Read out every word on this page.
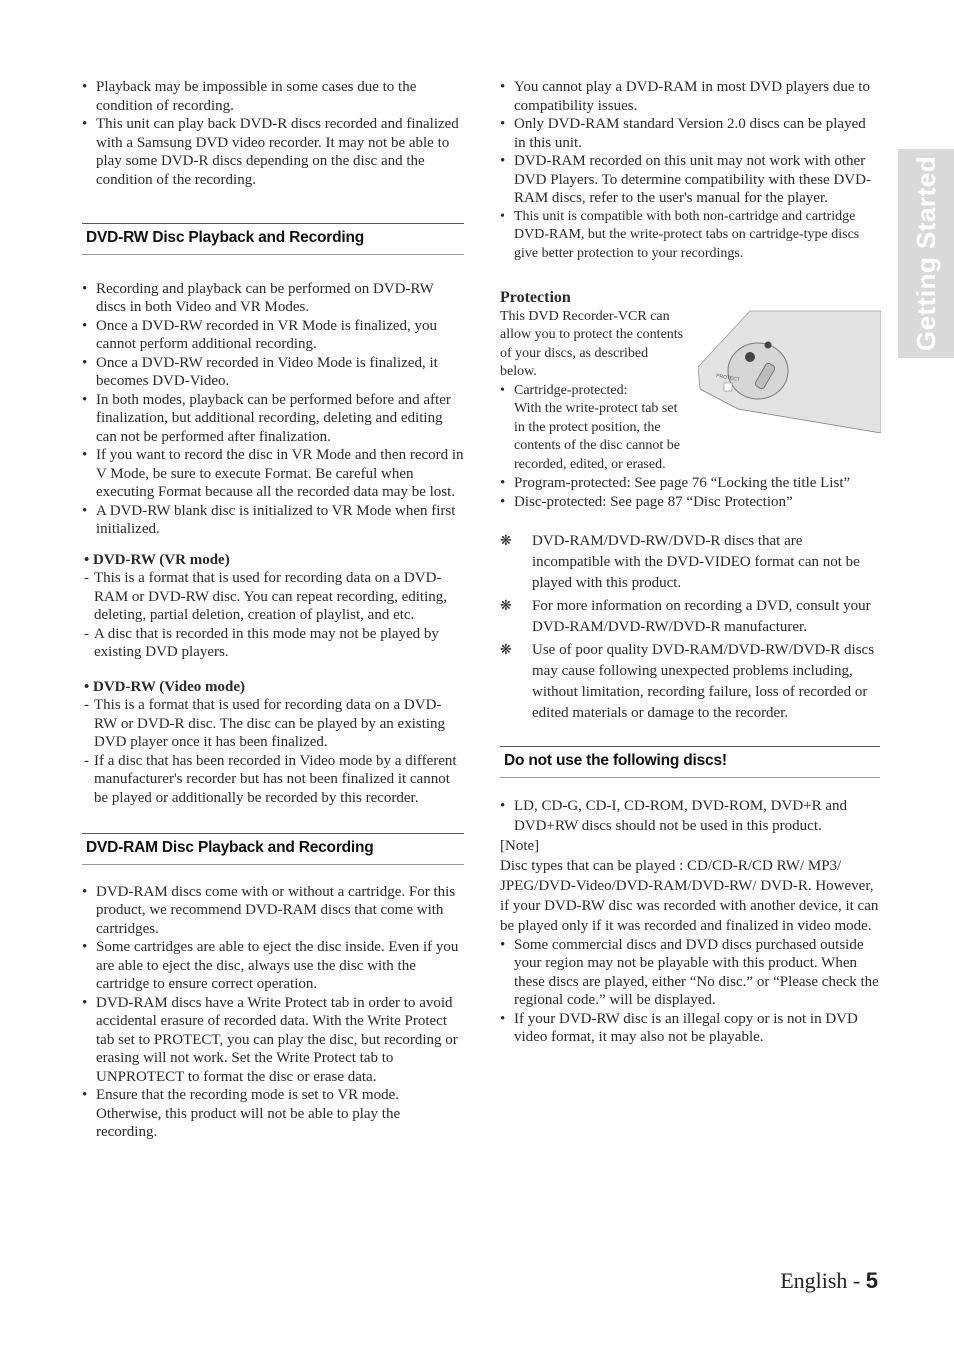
Getting Started
• Playback may be impossible in some cases due to the condition of recording.
• This unit can play back DVD-R discs recorded and finalized with a Samsung DVD video recorder. It may not be able to play some DVD-R discs depending on the disc and the condition of the recording.
DVD-RW Disc Playback and Recording
• Recording and playback can be performed on DVD-RW discs in both Video and VR Modes.
• Once a DVD-RW recorded in VR Mode is finalized, you cannot perform additional recording.
• Once a DVD-RW recorded in Video Mode is finalized, it becomes DVD-Video.
• In both modes, playback can be performed before and after finalization, but additional recording, deleting and editing can not be performed after finalization.
• If you want to record the disc in VR Mode and then record in V Mode, be sure to execute Format. Be careful when executing Format because all the recorded data may be lost.
• A DVD-RW blank disc is initialized to VR Mode when first initialized.
• DVD-RW (VR mode)
- This is a format that is used for recording data on a DVD-RAM or DVD-RW disc. You can repeat recording, editing, deleting, partial deletion, creation of playlist, and etc.
- A disc that is recorded in this mode may not be played by existing DVD players.
• DVD-RW (Video mode)
- This is a format that is used for recording data on a DVD-RW or DVD-R disc. The disc can be played by an existing DVD player once it has been finalized.
- If a disc that has been recorded in Video mode by a different manufacturer's recorder but has not been finalized it cannot be played or additionally be recorded by this recorder.
DVD-RAM Disc Playback and Recording
• DVD-RAM discs come with or without a cartridge. For this product, we recommend DVD-RAM discs that come with cartridges.
• Some cartridges are able to eject the disc inside. Even if you are able to eject the disc, always use the disc with the cartridge to ensure correct operation.
• DVD-RAM discs have a Write Protect tab in order to avoid accidental erasure of recorded data. With the Write Protect tab set to PROTECT, you can play the disc, but recording or erasing will not work. Set the Write Protect tab to UNPROTECT to format the disc or erase data.
• Ensure that the recording mode is set to VR mode. Otherwise, this product will not be able to play the recording.
• You cannot play a DVD-RAM in most DVD players due to compatibility issues.
• Only DVD-RAM standard Version 2.0 discs can be played in this unit.
• DVD-RAM recorded on this unit may not work with other DVD Players. To determine compatibility with these DVD-RAM discs, refer to the user's manual for the player.
• This unit is compatible with both non-cartridge and cartridge DVD-RAM, but the write-protect tabs on cartridge-type discs give better protection to your recordings.
Protection
This DVD Recorder-VCR can allow you to protect the contents of your discs, as described below.
• Cartridge-protected:
With the write-protect tab set in the protect position, the contents of the disc cannot be recorded, edited, or erased.
• Program-protected: See page 76 “Locking the title List”
• Disc-protected: See page 87 “Disc Protection”
❋ DVD-RAM/DVD-RW/DVD-R discs that are incompatible with the DVD-VIDEO format can not be played with this product.
❋ For more information on recording a DVD, consult your DVD-RAM/DVD-RW/DVD-R manufacturer.
❋ Use of poor quality DVD-RAM/DVD-RW/DVD-R discs may cause following unexpected problems including, without limitation, recording failure, loss of recorded or edited materials or damage to the recorder.
Do not use the following discs!
• LD, CD-G, CD-I, CD-ROM, DVD-ROM, DVD+R and DVD+RW discs should not be used in this product.
[Note]
Disc types that can be played : CD/CD-R/CD RW/ MP3/ JPEG/DVD-Video/DVD-RAM/DVD-RW/ DVD-R. However, if your DVD-RW disc was recorded with another device, it can be played only if it was recorded and finalized in video mode.
• Some commercial discs and DVD discs purchased outside your region may not be playable with this product. When these discs are played, either “No disc.” or “Please check the regional code.” will be displayed.
• If your DVD-RW disc is an illegal copy or is not in DVD video format, it may also not be playable.
PROTECT
English - 5
